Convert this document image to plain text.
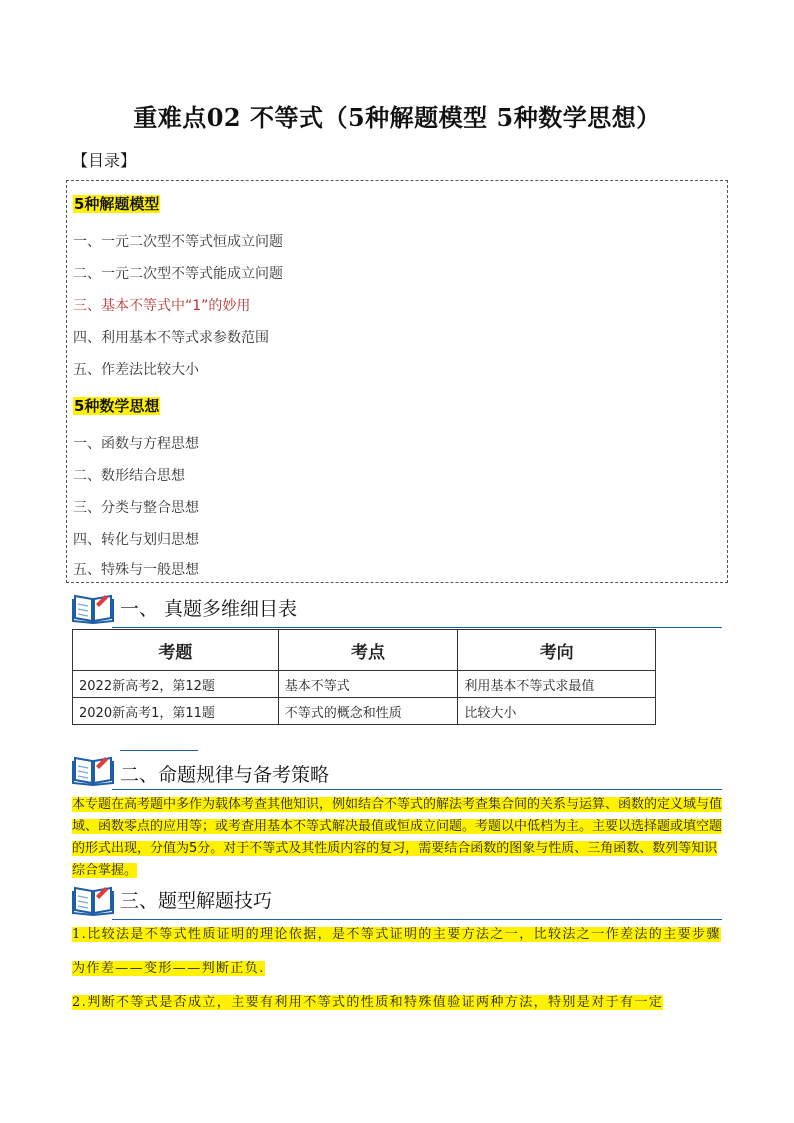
重难点02 不等式（5种解题模型 5种数学思想）
【目录】
5种解题模型
一、一元二次型不等式恒成立问题
二、一元二次型不等式能成立问题
三、基本不等式中“1”的妙用
四、利用基本不等式求参数范围
五、作差法比较大小
5种数学思想
一、函数与方程思想
二、数形结合思想
三、分类与整合思想
四、转化与划归思想
五、特殊与一般思想
一、 真题多维细目表
考题	考点	考向
2022新高考2，第12题	基本不等式	利用基本不等式求最值
2020新高考1，第11题	不等式的概念和性质	比较大小
二、命题规律与备考策略
本专题在高考题中多作为载体考查其他知识，例如结合不等式的解法考查集合间的关系与运算、函数的定义域与值域、函数零点的应用等；或考查用基本不等式解决最值或恒成立问题。考题以中低档为主。主要以选择题或填空题的形式出现，分值为5分。对于不等式及其性质内容的复习，需要结合函数的图象与性质、三角函数、数列等知识综合掌握。
三、题型解题技巧
1.比较法是不等式性质证明的理论依据，是不等式证明的主要方法之一，比较法之一作差法的主要步骤为作差——变形——判断正负.
2.判断不等式是否成立，主要有利用不等式的性质和特殊值验证两种方法，特别是对于有一定
